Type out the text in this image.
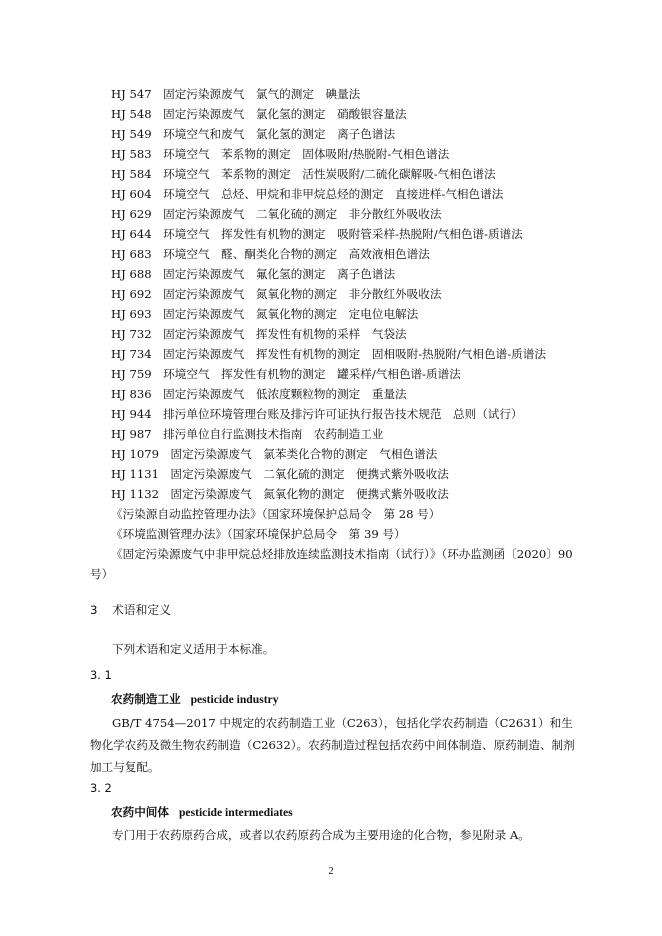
HJ 547　固定污染源废气　氯气的测定　碘量法
HJ 548　固定污染源废气　氯化氢的测定　硝酸银容量法
HJ 549　环境空气和废气　氯化氢的测定　离子色谱法
HJ 583　环境空气　苯系物的测定　固体吸附/热脱附-气相色谱法
HJ 584　环境空气　苯系物的测定　活性炭吸附/二硫化碳解吸-气相色谱法
HJ 604　环境空气　总烃、甲烷和非甲烷总烃的测定　直接进样-气相色谱法
HJ 629　固定污染源废气　二氧化硫的测定　非分散红外吸收法
HJ 644　环境空气　挥发性有机物的测定　吸附管采样-热脱附/气相色谱-质谱法
HJ 683　环境空气　醛、酮类化合物的测定　高效液相色谱法
HJ 688　固定污染源废气　氟化氢的测定　离子色谱法
HJ 692　固定污染源废气　氮氧化物的测定　非分散红外吸收法
HJ 693　固定污染源废气　氮氧化物的测定　定电位电解法
HJ 732　固定污染源废气　挥发性有机物的采样　气袋法
HJ 734　固定污染源废气　挥发性有机物的测定　固相吸附-热脱附/气相色谱-质谱法
HJ 759　环境空气　挥发性有机物的测定　罐采样/气相色谱-质谱法
HJ 836　固定污染源废气　低浓度颗粒物的测定　重量法
HJ 944　排污单位环境管理台账及排污许可证执行报告技术规范　总则（试行）
HJ 987　排污单位自行监测技术指南　农药制造工业
HJ 1079　固定污染源废气　氯苯类化合物的测定　气相色谱法
HJ 1131　固定污染源废气　二氧化硫的测定　便携式紫外吸收法
HJ 1132　固定污染源废气　氮氧化物的测定　便携式紫外吸收法
《污染源自动监控管理办法》（国家环境保护总局令　第 28 号）
《环境监测管理办法》（国家环境保护总局令　第 39 号）
《固定污染源废气中非甲烷总烃排放连续监测技术指南（试行）》（环办监测函〔2020〕90 号）
3 术语和定义
下列术语和定义适用于本标准。
3. 1
农药制造工业 pesticide industry
GB/T 4754—2017 中规定的农药制造工业（C263），包括化学农药制造（C2631）和生物化学农药及微生物农药制造（C2632）。农药制造过程包括农药中间体制造、原药制造、制剂加工与复配。
3. 2
农药中间体 pesticide intermediates
专门用于农药原药合成，或者以农药原药合成为主要用途的化合物，参见附录 A。
2
